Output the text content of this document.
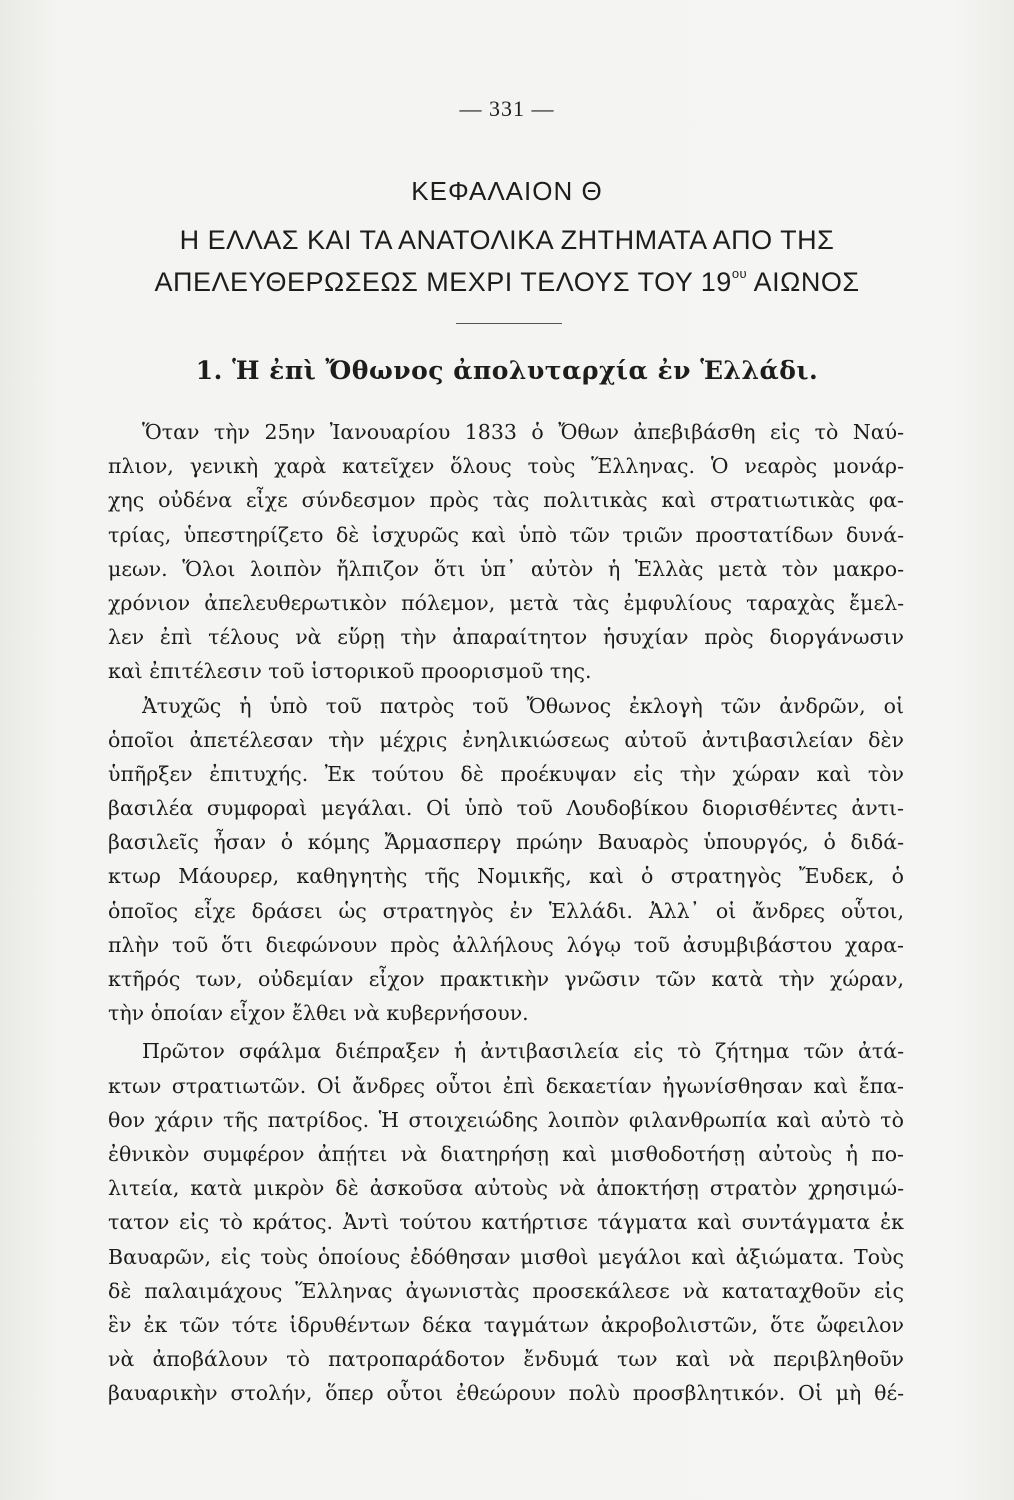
— 331 —
ΚΕΦΑΛΑΙΟΝ Θ
Η ΕΛΛΑΣ ΚΑΙ ΤΑ ΑΝΑΤΟΛΙΚΑ ΖΗΤΗΜΑΤΑ ΑΠΟ ΤΗΣ
ΑΠΕΛΕΥΘΕΡΩΣΕΩΣ ΜΕΧΡΙ ΤΕΛΟΥΣ ΤΟΥ $19^{o\upsilon}$ ΑΙΩΝΟΣ
1. Ἡ ἐπὶ Ὄθωνος ἀπολυταρχία ἐν Ἑλλάδι.
Ὅταν τὴν 25ην Ἰανουαρίου 1833 ὁ Ὄθων ἀπεβιβάσθη εἰς τὸ Ναύ-
πλιον, γενικὴ χαρὰ κατεῖχεν ὅλους τοὺς Ἕλληνας. Ὁ νεαρὸς μονάρ-
χης οὐδένα εἶχε σύνδεσμον πρὸς τὰς πολιτικὰς καὶ στρατιωτικὰς φα-
τρίας, ὑπεστηρίζετο δὲ ἰσχυρῶς καὶ ὑπὸ τῶν τριῶν προστατίδων δυνά-
μεων. Ὅλοι λοιπὸν ἤλπιζον ὅτι ὑπ᾽ αὐτὸν ἡ Ἑλλὰς μετὰ τὸν μακρο-
χρόνιον ἀπελευθερωτικὸν πόλεμον, μετὰ τὰς ἐμφυλίους ταραχὰς ἔμελ-
λεν ἐπὶ τέλους νὰ εὕρῃ τὴν ἀπαραίτητον ἡσυχίαν πρὸς διοργάνωσιν
καὶ ἐπιτέλεσιν τοῦ ἱστορικοῦ προορισμοῦ της.
Ἀτυχῶς ἡ ὑπὸ τοῦ πατρὸς τοῦ Ὄθωνος ἐκλογὴ τῶν ἀνδρῶν, οἱ
ὁποῖοι ἀπετέλεσαν τὴν μέχρις ἐνηλικιώσεως αὐτοῦ ἀντιβασιλείαν δὲν
ὑπῆρξεν ἐπιτυχής. Ἐκ τούτου δὲ προέκυψαν εἰς τὴν χώραν καὶ τὸν
βασιλέα συμφοραὶ μεγάλαι. Οἱ ὑπὸ τοῦ Λουδοβίκου διορισθέντες ἀντι-
βασιλεῖς ἦσαν ὁ κόμης Ἄρμασπεργ πρώην Βαυαρὸς ὑπουργός, ὁ διδά-
κτωρ Μάουρερ, καθηγητὴς τῆς Νομικῆς, καὶ ὁ στρατηγὸς Ἔυδεκ, ὁ
ὁποῖος εἶχε δράσει ὡς στρατηγὸς ἐν Ἑλλάδι. Ἀλλ᾽ οἱ ἄνδρες οὗτοι,
πλὴν τοῦ ὅτι διεφώνουν πρὸς ἀλλήλους λόγῳ τοῦ ἀσυμβιβάστου χαρα-
κτῆρός των, οὐδεμίαν εἶχον πρακτικὴν γνῶσιν τῶν κατὰ τὴν χώραν,
τὴν ὁποίαν εἶχον ἔλθει νὰ κυβερνήσουν.
Πρῶτον σφάλμα διέπραξεν ἡ ἀντιβασιλεία εἰς τὸ ζήτημα τῶν ἀτά-
κτων στρατιωτῶν. Οἱ ἄνδρες οὗτοι ἐπὶ δεκαετίαν ἠγωνίσθησαν καὶ ἔπα-
θον χάριν τῆς πατρίδος. Ἡ στοιχειώδης λοιπὸν φιλανθρωπία καὶ αὐτὸ τὸ
ἐθνικὸν συμφέρον ἀπῄτει νὰ διατηρήσῃ καὶ μισθοδοτήσῃ αὐτοὺς ἡ πο-
λιτεία, κατὰ μικρὸν δὲ ἀσκοῦσα αὐτοὺς νὰ ἀποκτήσῃ στρατὸν χρησιμώ-
τατον εἰς τὸ κράτος. Ἀντὶ τούτου κατήρτισε τάγματα καὶ συντάγματα ἐκ
Βαυαρῶν, εἰς τοὺς ὁποίους ἐδόθησαν μισθοὶ μεγάλοι καὶ ἀξιώματα. Τοὺς
δὲ παλαιμάχους Ἕλληνας ἀγωνιστὰς προσεκάλεσε νὰ καταταχθοῦν εἰς
ἓν ἐκ τῶν τότε ἱδρυθέντων δέκα ταγμάτων ἀκροβολιστῶν, ὅτε ὤφειλον
νὰ ἀποβάλουν τὸ πατροπαράδοτον ἔνδυμά των καὶ νὰ περιβληθοῦν
βαυαρικὴν στολήν, ὅπερ οὗτοι ἐθεώρουν πολὺ προσβλητικόν. Οἱ μὴ θέ-
